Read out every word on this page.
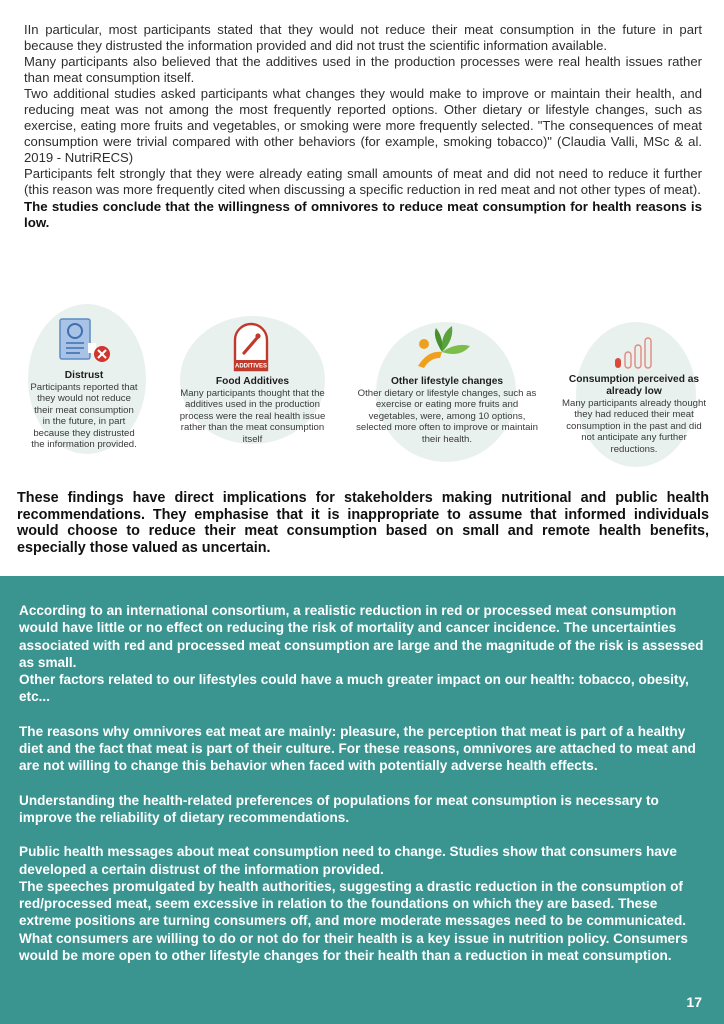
IIn particular, most participants stated that they would not reduce their meat consumption in the future in part because they distrusted the information provided and did not trust the scientific information available.

Many participants also believed that the additives used in the production processes were real health issues rather than meat consumption itself.

Two additional studies asked participants what changes they would make to improve or maintain their health, and reducing meat was not among the most frequently reported options. Other dietary or lifestyle changes, such as exercise, eating more fruits and vegetables, or smoking were more frequently selected. "The consequences of meat consumption were trivial compared with other behaviors (for example, smoking tobacco)" (Claudia Valli, MSc & al. 2019 - NutriRECS)

Participants felt strongly that they were already eating small amounts of meat and did not need to reduce it further (this reason was more frequently cited when discussing a specific reduction in red meat and not other types of meat).

The studies conclude that the willingness of omnivores to reduce meat consumption for health reasons is low.

Distrust
Participants reported that they would not reduce their meat consumption in the future, in part because they distrusted the information provided.
ADDITIVES
Food Additives
Many participants thought that the additives used in the production process were the real health issue rather than the meat consumption itself
Other lifestyle changes
Other dietary or lifestyle changes, such as exercise or eating more fruits and vegetables, were, among 10 options, selected more often to improve or maintain their health.
Consumption perceived as already low
Many participants already thought they had reduced their meat consumption in the past and did not anticipate any further reductions.
These findings have direct implications for stakeholders making nutritional and public health recommendations. They emphasise that it is inappropriate to assume that informed individuals would choose to reduce their meat consumption based on small and remote health benefits, especially those valued as uncertain.

According to an international consortium, a realistic reduction in red or processed meat consumption would have little or no effect on reducing the risk of mortality and cancer incidence. The uncertainties associated with red and processed meat consumption are large and the magnitude of the risk is assessed as small.

Other factors related to our lifestyles could have a much greater impact on our health: tobacco, obesity, etc...

The reasons why omnivores eat meat are mainly: pleasure, the perception that meat is part of a healthy diet and the fact that meat is part of their culture. For these reasons, omnivores are attached to meat and are not willing to change this behavior when faced with potentially adverse health effects.

Understanding the health-related preferences of populations for meat consumption is necessary to improve the reliability of dietary recommendations.

Public health messages about meat consumption need to change. Studies show that consumers have developed a certain distrust of the information provided.

The speeches promulgated by health authorities, suggesting a drastic reduction in the consumption of red/processed meat, seem excessive in relation to the foundations on which they are based. These extreme positions are turning consumers off, and more moderate messages need to be communicated. What consumers are willing to do or not do for their health is a key issue in nutrition policy. Consumers would be more open to other lifestyle changes for their health than a reduction in meat consumption.

17
